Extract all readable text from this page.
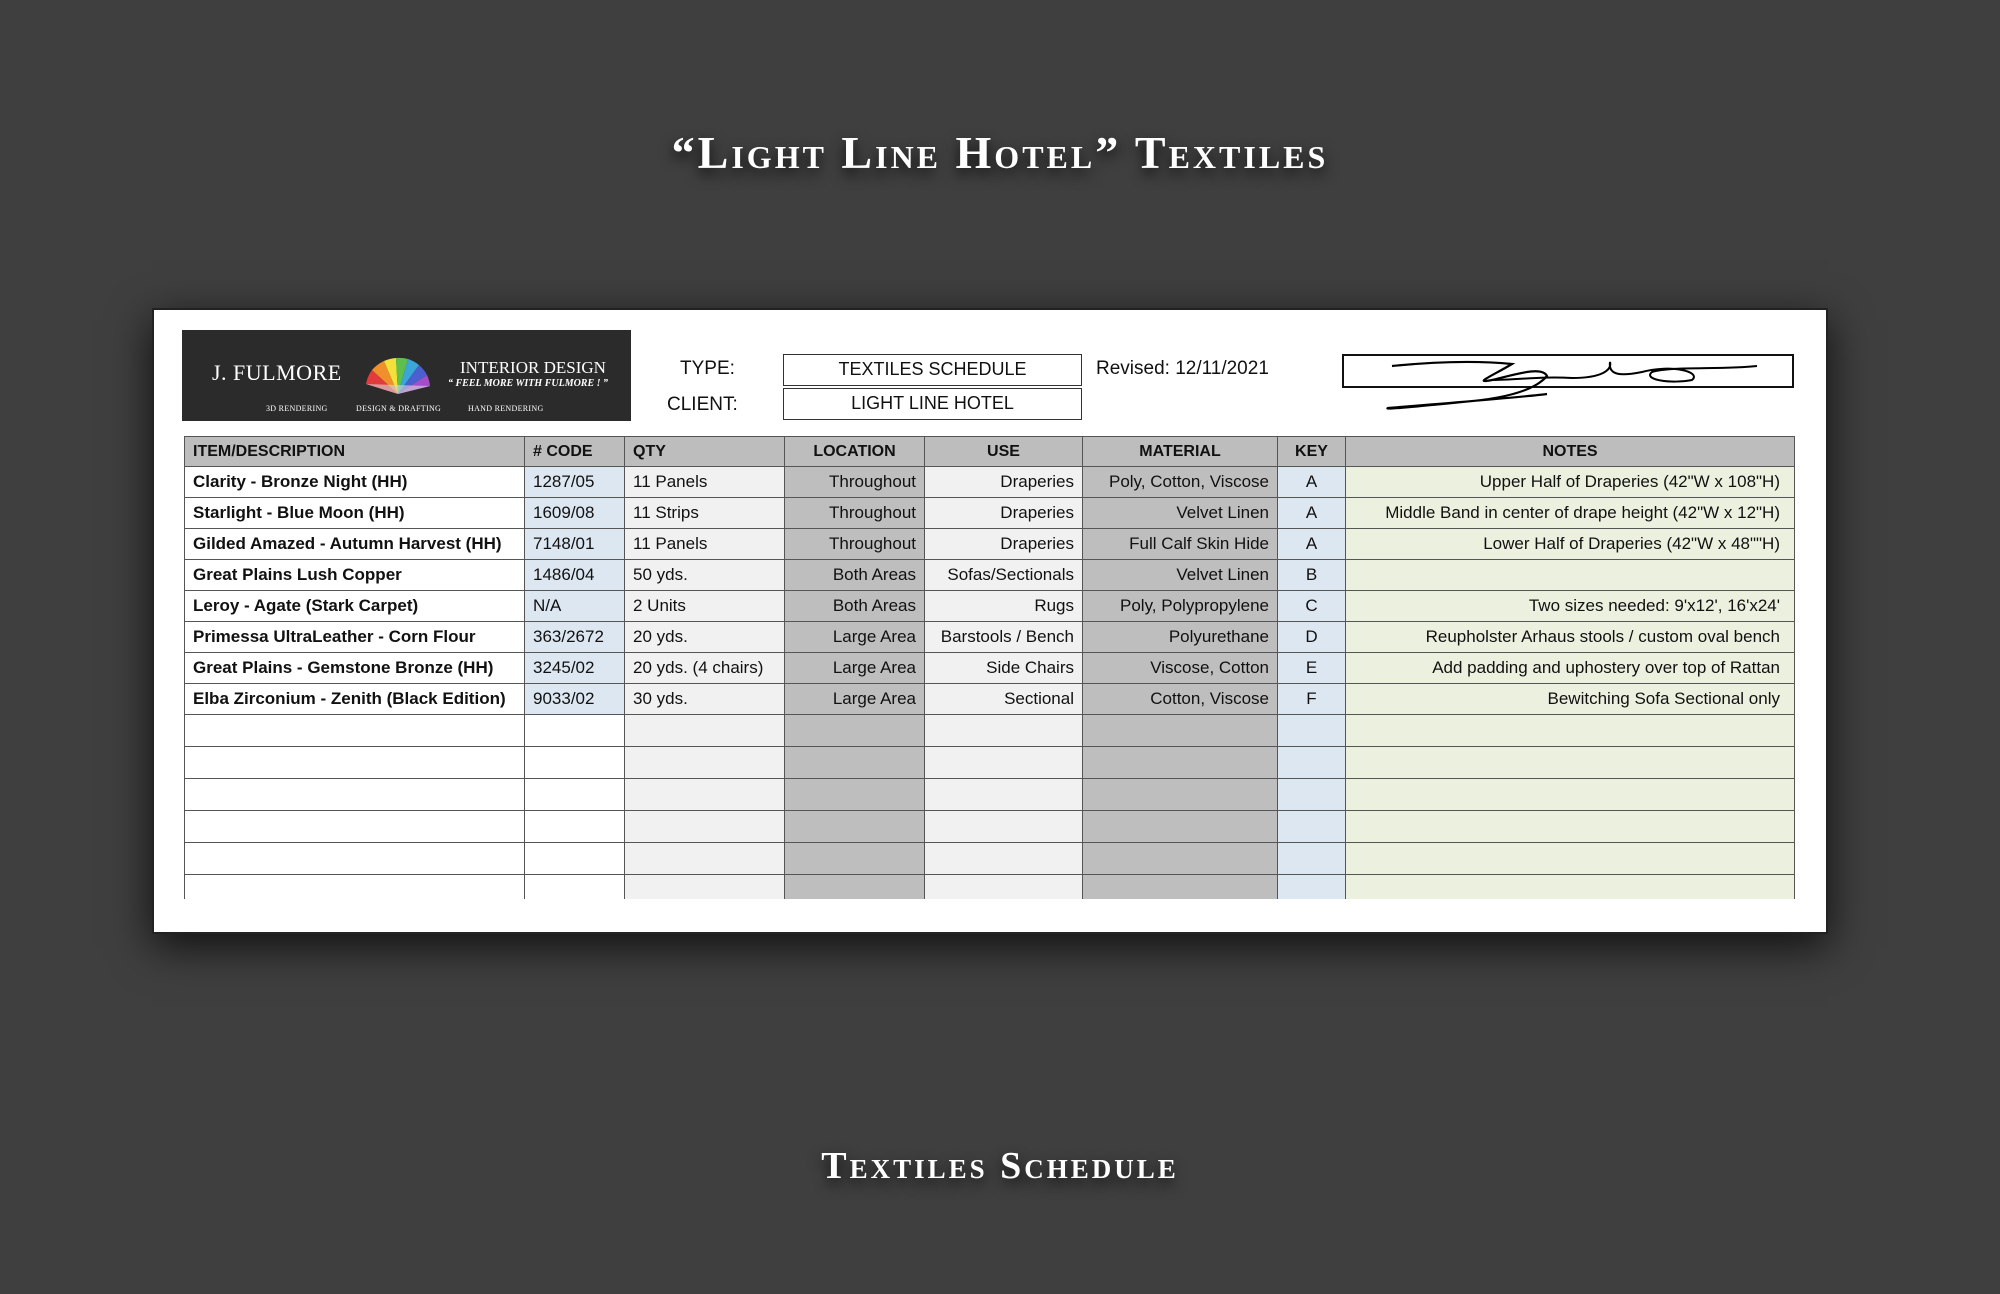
“Light Line Hotel” Textiles
J. FULMORE	INTERIOR DESIGN
“ FEEL MORE WITH FULMORE ! ”
3D RENDERING	DESIGN & DRAFTING	HAND RENDERING
TYPE:	TEXTILES SCHEDULE
CLIENT:	LIGHT LINE HOTEL
Revised: 12/11/2021
ITEM/DESCRIPTION	# CODE	QTY	LOCATION	USE	MATERIAL	KEY	NOTES
Clarity - Bronze Night (HH)	1287/05	11 Panels	Throughout	Draperies	Poly, Cotton, Viscose	A	Upper Half of Draperies (42"W x 108"H)
Starlight - Blue Moon (HH)	1609/08	11 Strips	Throughout	Draperies	Velvet Linen	A	Middle Band in center of drape height (42"W x 12"H)
Gilded Amazed - Autumn Harvest (HH)	7148/01	11 Panels	Throughout	Draperies	Full Calf Skin Hide	A	Lower Half of Draperies (42"W x 48""H)
Great Plains Lush Copper	1486/04	50 yds.	Both Areas	Sofas/Sectionals	Velvet Linen	B	
Leroy - Agate (Stark Carpet)	N/A	2 Units	Both Areas	Rugs	Poly, Polypropylene	C	Two sizes needed: 9'x12', 16'x24'
Primessa UltraLeather - Corn Flour	363/2672	20 yds.	Large Area	Barstools / Bench	Polyurethane	D	Reupholster Arhaus stools / custom oval bench
Great Plains - Gemstone Bronze (HH)	3245/02	20 yds. (4 chairs)	Large Area	Side Chairs	Viscose, Cotton	E	Add padding and uphostery over top of Rattan
Elba Zirconium - Zenith (Black Edition)	9033/02	30 yds.	Large Area	Sectional	Cotton, Viscose	F	Bewitching Sofa Sectional only

Textiles Schedule
